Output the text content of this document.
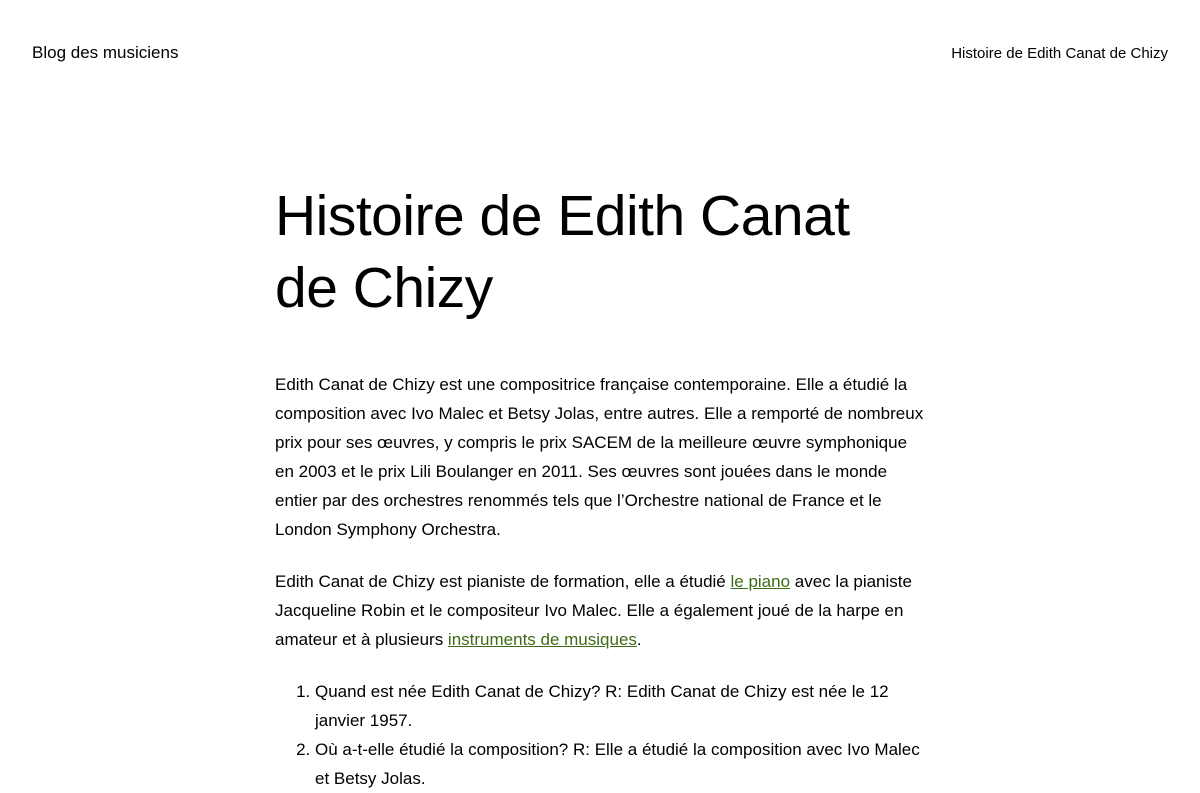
Blog des musiciens	Histoire de Edith Canat de Chizy
Histoire de Edith Canat de Chizy

Edith Canat de Chizy est une compositrice française contemporaine. Elle a étudié la composition avec Ivo Malec et Betsy Jolas, entre autres. Elle a remporté de nombreux prix pour ses œuvres, y compris le prix SACEM de la meilleure œuvre symphonique en 2003 et le prix Lili Boulanger en 2011. Ses œuvres sont jouées dans le monde entier par des orchestres renommés tels que l’Orchestre national de France et le London Symphony Orchestra.

Edith Canat de Chizy est pianiste de formation, elle a étudié le piano avec la pianiste Jacqueline Robin et le compositeur Ivo Malec. Elle a également joué de la harpe en amateur et à plusieurs instruments de musiques.

1. Quand est née Edith Canat de Chizy? R: Edith Canat de Chizy est née le 12 janvier 1957.
2. Où a-t-elle étudié la composition? R: Elle a étudié la composition avec Ivo Malec et Betsy Jolas.
